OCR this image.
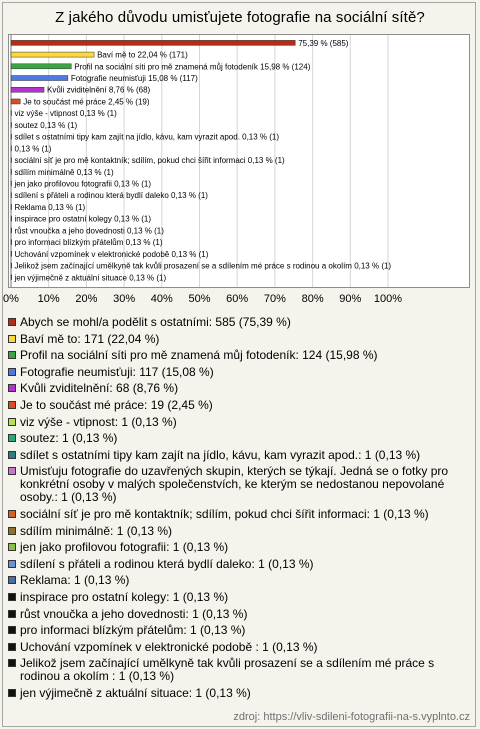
Z jakého důvodu umisťujete fotografie na sociální sítě?
75,39 % (585)
Baví mě to 22,04 % (171)
Profil na sociální síti pro mě znamená můj fotodeník 15,98 % (124)
Fotografie neumisťuji 15,08 % (117)
Kvůli zviditelnění 8,76 % (68)
Je to součást mé práce 2,45 % (19)
viz výše - vtipnost 0,13 % (1)
soutez 0,13 % (1)
sdílet s ostatními tipy kam zajít na jídlo, kávu, kam vyrazit apod. 0,13 % (1)
0,13 % (1)
sociální síť je pro mě kontaktník; sdílím, pokud chci šířit informaci 0,13 % (1)
sdílím minimálně 0,13 % (1)
jen jako profilovou fotografii 0,13 % (1)
sdílení s přáteli a rodinou která bydlí daleko 0,13 % (1)
Reklama 0,13 % (1)
inspirace pro ostatní kolegy 0,13 % (1)
růst vnoučka a jeho dovednosti 0,13 % (1)
pro informaci blízkým přátelům 0,13 % (1)
Uchování vzpomínek v elektronické podobě 0,13 % (1)
Jelikož jsem začínající umělkyně tak kvůli prosazení se a sdílením mé práce s rodinou a okolím 0,13 % (1)
jen výjimečně z aktuální situace 0,13 % (1)
Abych se mohl/a podělit s ostatními: 585 (75,39 %)
Baví mě to: 171 (22,04 %)
Profil na sociální síti pro mě znamená můj fotodeník: 124 (15,98 %)
Fotografie neumisťuji: 117 (15,08 %)
Kvůli zviditelnění: 68 (8,76 %)
Je to součást mé práce: 19 (2,45 %)
viz výše - vtipnost: 1 (0,13 %)
soutez: 1 (0,13 %)
sdílet s ostatními tipy kam zajít na jídlo, kávu, kam vyrazit apod.: 1 (0,13 %)
Umisťuju fotografie do uzavřených skupin, kterých se týkají. Jedná se o fotky pro konkrétní osoby v malých společenstvích, ke kterým se nedostanou nepovolané osoby.: 1 (0,13 %)
sociální síť je pro mě kontaktník; sdílím, pokud chci šířit informaci: 1 (0,13 %)
sdílím minimálně: 1 (0,13 %)
jen jako profilovou fotografii: 1 (0,13 %)
sdílení s přáteli a rodinou která bydlí daleko: 1 (0,13 %)
Reklama: 1 (0,13 %)
inspirace pro ostatní kolegy: 1 (0,13 %)
růst vnoučka a jeho dovednosti: 1 (0,13 %)
pro informaci blízkým přátelům: 1 (0,13 %)
Uchování vzpomínek v elektronické podobě : 1 (0,13 %)
Jelikož jsem začínající umělkyně tak kvůli prosazení se a sdílením mé práce s rodinou a okolím : 1 (0,13 %)
jen výjimečně z aktuální situace: 1 (0,13 %)
zdroj: https://vliv-sdileni-fotografii-na-s.vyplnto.cz
0% 10% 20% 30% 40% 50% 60% 70% 80% 90% 100%
